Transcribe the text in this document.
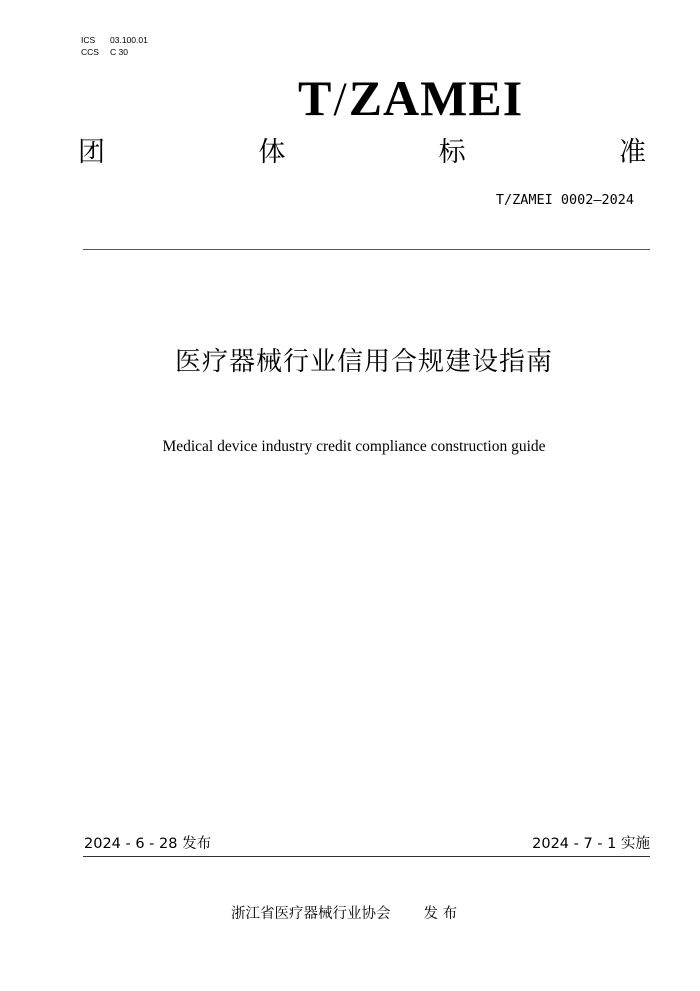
ICS 03.100.01
CCS C 30
T/ZAMEI
团	体	标	准
T/ZAMEI 0002—2024
医疗器械行业信用合规建设指南
Medical device industry credit compliance construction guide
2024 - 6 - 28 发布	2024 - 7 - 1 实施
浙江省医疗器械行业协会 发 布
